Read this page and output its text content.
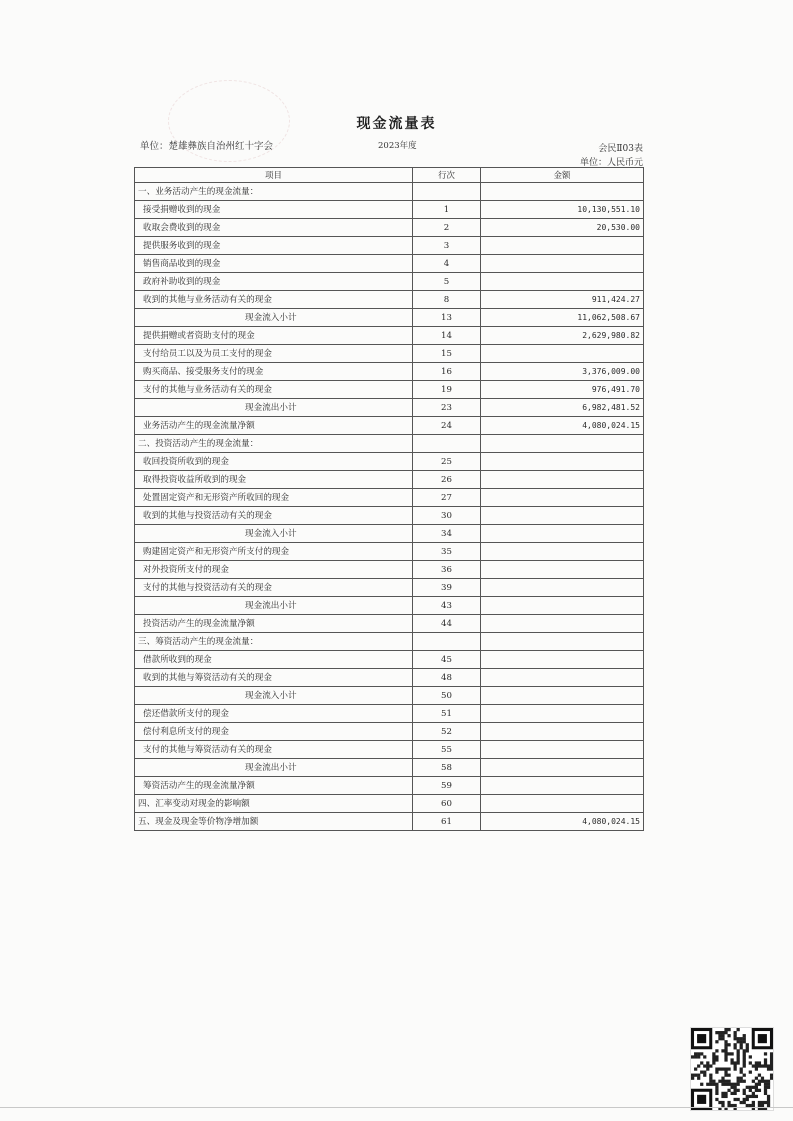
现金流量表
单位：楚雄彝族自治州红十字会	2023年度	会民Ⅱ03表
单位：人民币元
项目	行次	金额
一、业务活动产生的现金流量：		
接受捐赠收到的现金	1	10,130,551.10
收取会费收到的现金	2	20,530.00
提供服务收到的现金	3	
销售商品收到的现金	4	
政府补助收到的现金	5	
收到的其他与业务活动有关的现金	8	911,424.27
现金流入小计	13	11,062,508.67
提供捐赠或者资助支付的现金	14	2,629,980.82
支付给员工以及为员工支付的现金	15	
购买商品、接受服务支付的现金	16	3,376,009.00
支付的其他与业务活动有关的现金	19	976,491.70
现金流出小计	23	6,982,481.52
业务活动产生的现金流量净额	24	4,080,024.15
二、投资活动产生的现金流量：		
收回投资所收到的现金	25	
取得投资收益所收到的现金	26	
处置固定资产和无形资产所收回的现金	27	
收到的其他与投资活动有关的现金	30	
现金流入小计	34	
购建固定资产和无形资产所支付的现金	35	
对外投资所支付的现金	36	
支付的其他与投资活动有关的现金	39	
现金流出小计	43	
投资活动产生的现金流量净额	44	
三、筹资活动产生的现金流量：		
借款所收到的现金	45	
收到的其他与筹资活动有关的现金	48	
现金流入小计	50	
偿还借款所支付的现金	51	
偿付利息所支付的现金	52	
支付的其他与筹资活动有关的现金	55	
现金流出小计	58	
筹资活动产生的现金流量净额	59	
四、汇率变动对现金的影响额	60	
五、现金及现金等价物净增加额	61	4,080,024.15
